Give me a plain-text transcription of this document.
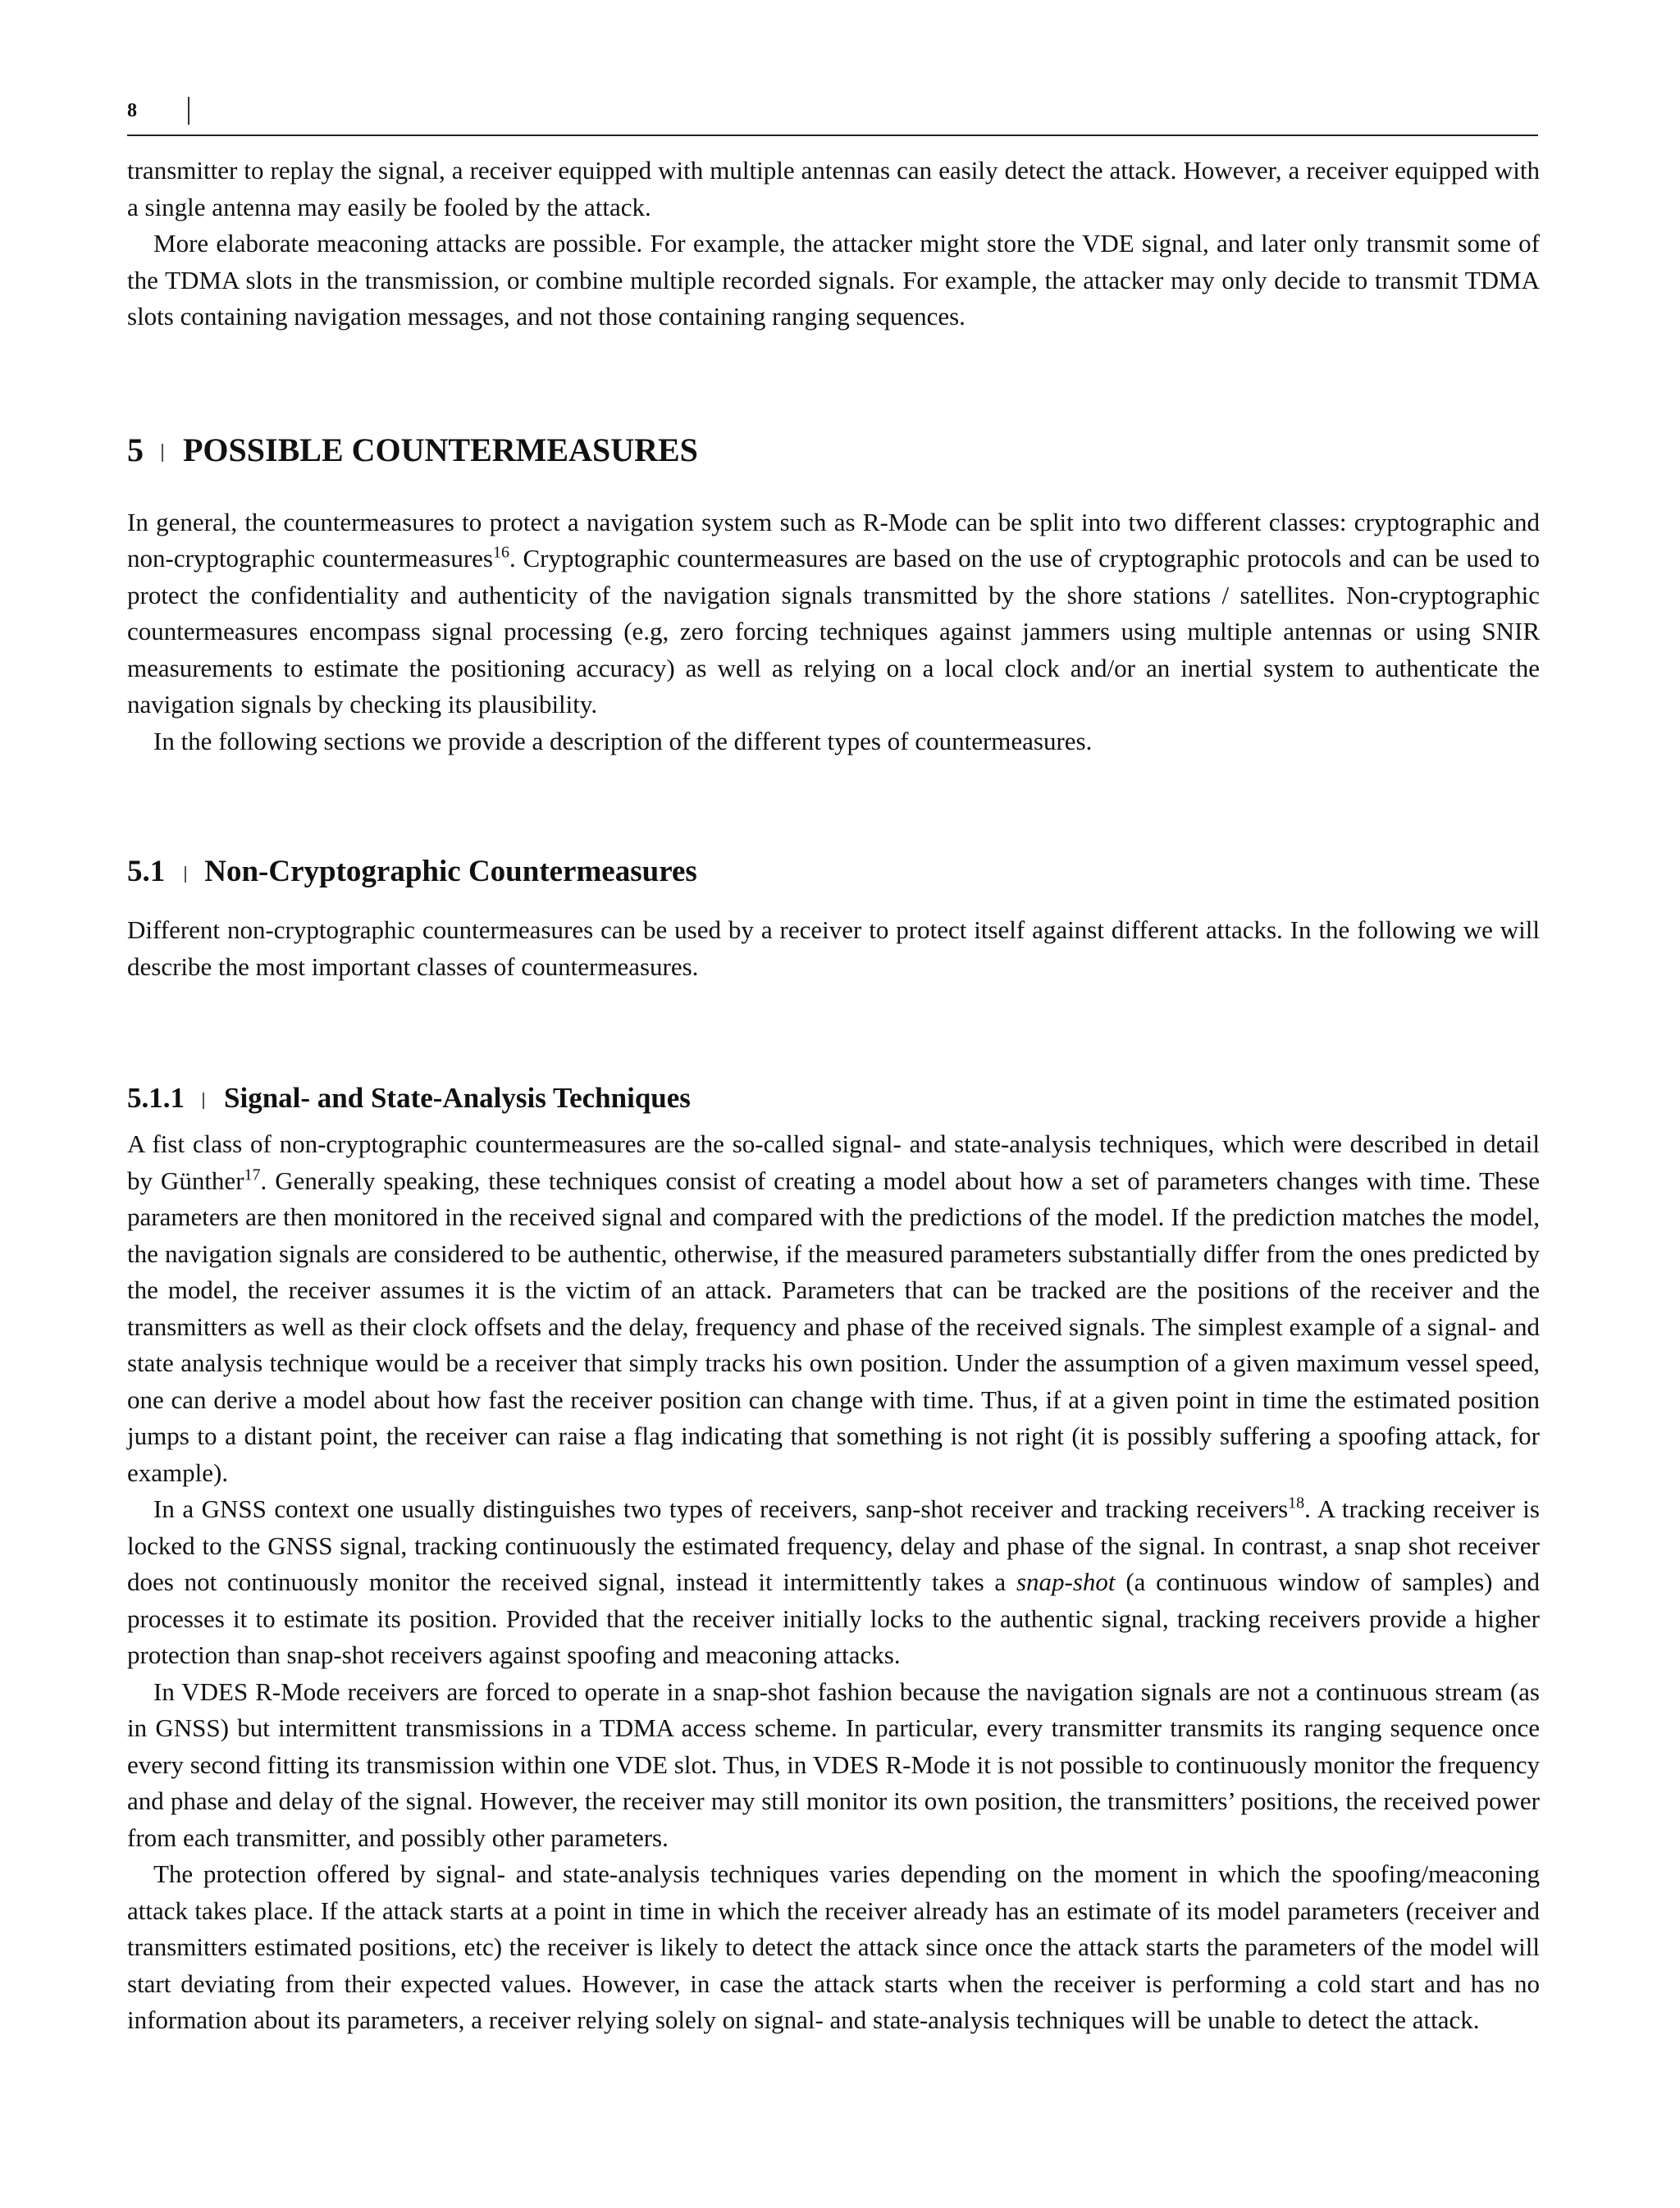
8

transmitter to replay the signal, a receiver equipped with multiple antennas can easily detect the attack. However, a receiver equipped with a single antenna may easily be fooled by the attack.

More elaborate meaconing attacks are possible. For example, the attacker might store the VDE signal, and later only transmit some of the TDMA slots in the transmission, or combine multiple recorded signals. For example, the attacker may only decide to transmit TDMA slots containing navigation messages, and not those containing ranging sequences.

5 POSSIBLE COUNTERMEASURES

In general, the countermeasures to protect a navigation system such as R-Mode can be split into two different classes: cryptographic and non-cryptographic countermeasures$^{16}$. Cryptographic countermeasures are based on the use of cryptographic protocols and can be used to protect the confidentiality and authenticity of the navigation signals transmitted by the shore stations / satellites. Non-cryptographic countermeasures encompass signal processing (e.g, zero forcing techniques against jammers using multiple antennas or using SNIR measurements to estimate the positioning accuracy) as well as relying on a local clock and/or an inertial system to authenticate the navigation signals by checking its plausibility.

In the following sections we provide a description of the different types of countermeasures.

5.1 Non-Cryptographic Countermeasures

Different non-cryptographic countermeasures can be used by a receiver to protect itself against different attacks. In the following we will describe the most important classes of countermeasures.

5.1.1 Signal- and State-Analysis Techniques

A fist class of non-cryptographic countermeasures are the so-called signal- and state-analysis techniques, which were described in detail by Günther$^{17}$. Generally speaking, these techniques consist of creating a model about how a set of parameters changes with time. These parameters are then monitored in the received signal and compared with the predictions of the model. If the prediction matches the model, the navigation signals are considered to be authentic, otherwise, if the measured parameters substantially differ from the ones predicted by the model, the receiver assumes it is the victim of an attack. Parameters that can be tracked are the positions of the receiver and the transmitters as well as their clock offsets and the delay, frequency and phase of the received signals. The simplest example of a signal- and state analysis technique would be a receiver that simply tracks his own position. Under the assumption of a given maximum vessel speed, one can derive a model about how fast the receiver position can change with time. Thus, if at a given point in time the estimated position jumps to a distant point, the receiver can raise a flag indicating that something is not right (it is possibly suffering a spoofing attack, for example).

In a GNSS context one usually distinguishes two types of receivers, sanp-shot receiver and tracking receivers$^{18}$. A tracking receiver is locked to the GNSS signal, tracking continuously the estimated frequency, delay and phase of the signal. In contrast, a snap shot receiver does not continuously monitor the received signal, instead it intermittently takes a snap-shot (a continuous window of samples) and processes it to estimate its position. Provided that the receiver initially locks to the authentic signal, tracking receivers provide a higher protection than snap-shot receivers against spoofing and meaconing attacks.

In VDES R-Mode receivers are forced to operate in a snap-shot fashion because the navigation signals are not a continuous stream (as in GNSS) but intermittent transmissions in a TDMA access scheme. In particular, every transmitter transmits its ranging sequence once every second fitting its transmission within one VDE slot. Thus, in VDES R-Mode it is not possible to continuously monitor the frequency and phase and delay of the signal. However, the receiver may still monitor its own position, the transmitters’ positions, the received power from each transmitter, and possibly other parameters.

The protection offered by signal- and state-analysis techniques varies depending on the moment in which the spoofing/meaconing attack takes place. If the attack starts at a point in time in which the receiver already has an estimate of its model parameters (receiver and transmitters estimated positions, etc) the receiver is likely to detect the attack since once the attack starts the parameters of the model will start deviating from their expected values. However, in case the attack starts when the receiver is performing a cold start and has no information about its parameters, a receiver relying solely on signal- and state-analysis techniques will be unable to detect the attack.
